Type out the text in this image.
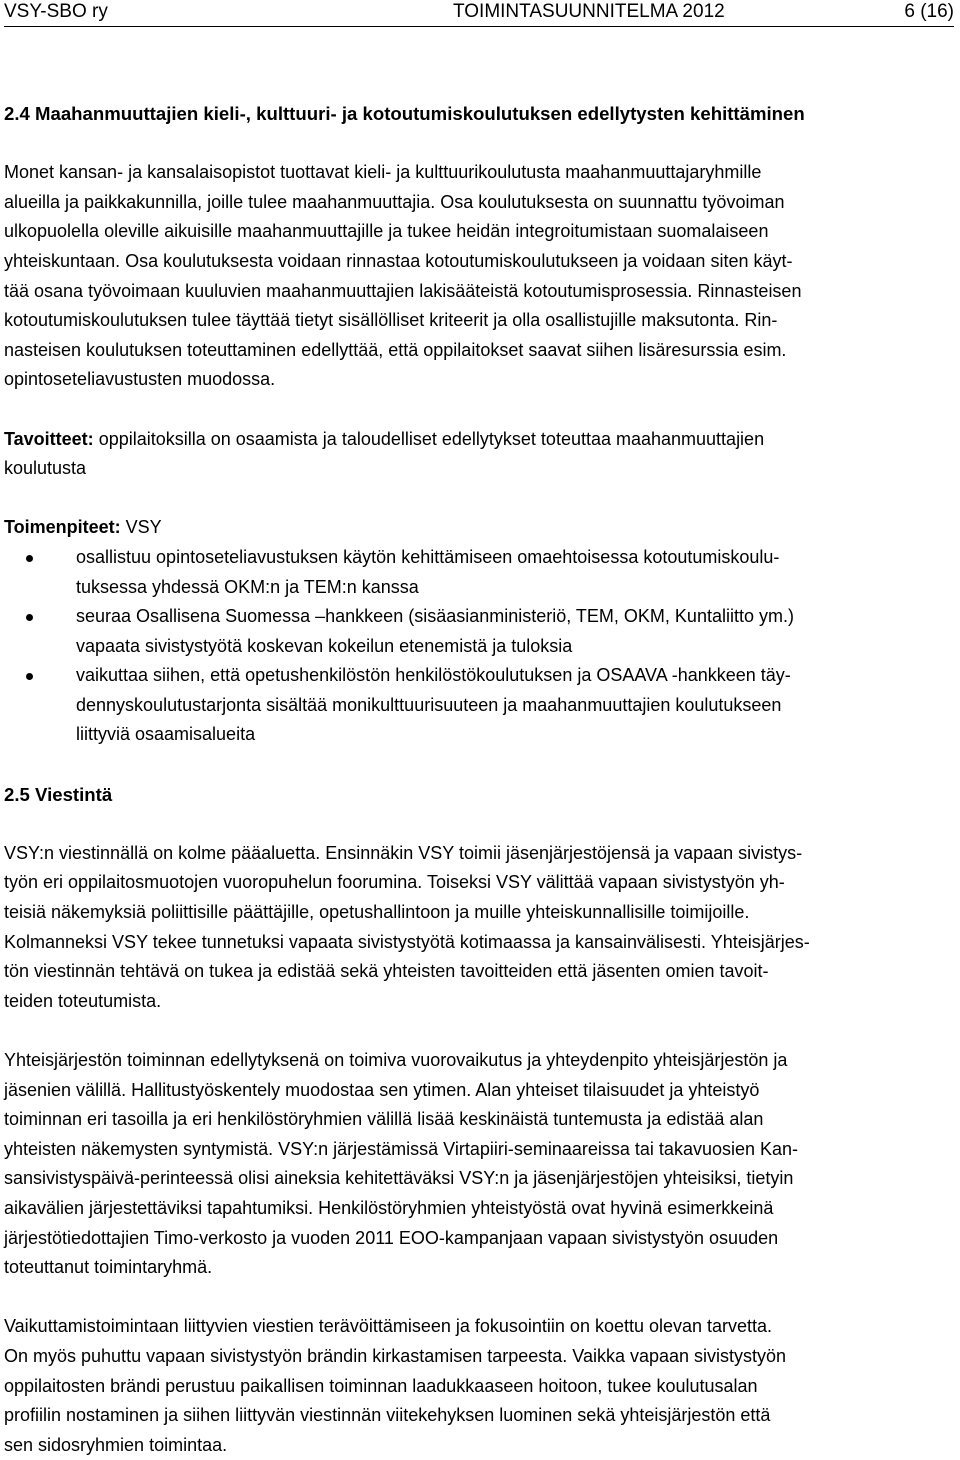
VSY-SBO ry	TOIMINTASUUNNITELMA 2012	6 (16)

2.4 Maahanmuuttajien kieli-, kulttuuri- ja kotoutumiskoulutuksen edellytysten kehittäminen

Monet kansan- ja kansalaisopistot tuottavat kieli- ja kulttuurikoulutusta maahanmuuttajaryhmille
alueilla ja paikkakunnilla, joille tulee maahanmuuttajia. Osa koulutuksesta on suunnattu työvoiman
ulkopuolella oleville aikuisille maahanmuuttajille ja tukee heidän integroitumistaan suomalaiseen
yhteiskuntaan. Osa koulutuksesta voidaan rinnastaa kotoutumiskoulutukseen ja voidaan siten käyt-
tää osana työvoimaan kuuluvien maahanmuuttajien lakisääteistä kotoutumisprosessia. Rinnasteisen
kotoutumiskoulutuksen tulee täyttää tietyt sisällölliset kriteerit ja olla osallistujille maksutonta. Rin-
nasteisen koulutuksen toteuttaminen edellyttää, että oppilaitokset saavat siihen lisäresurssia esim.
opintoseteliavustusten muodossa.

Tavoitteet: oppilaitoksilla on osaamista ja taloudelliset edellytykset toteuttaa maahanmuuttajien
koulutusta

Toimenpiteet: VSY

osallistuu opintoseteliavustuksen käytön kehittämiseen omaehtoisessa kotoutumiskoulu-
tuksessa yhdessä OKM:n ja TEM:n kanssa
seuraa Osallisena Suomessa –hankkeen (sisäasianministeriö, TEM, OKM, Kuntaliitto ym.)
vapaata sivistystyötä koskevan kokeilun etenemistä ja tuloksia
vaikuttaa siihen, että opetushenkilöstön henkilöstökoulutuksen ja OSAAVA -hankkeen täy-
dennyskoulutustarjonta sisältää monikulttuurisuuteen ja maahanmuuttajien koulutukseen
liittyviä osaamisalueita

2.5 Viestintä

VSY:n viestinnällä on kolme pääaluetta. Ensinnäkin VSY toimii jäsenjärjestöjensä ja vapaan sivistys-
työn eri oppilaitosmuotojen vuoropuhelun foorumina. Toiseksi VSY välittää vapaan sivistystyön yh-
teisiä näkemyksiä poliittisille päättäjille, opetushallintoon ja muille yhteiskunnallisille toimijoille.
Kolmanneksi VSY tekee tunnetuksi vapaata sivistystyötä kotimaassa ja kansainvälisesti. Yhteisjärjes-
tön viestinnän tehtävä on tukea ja edistää sekä yhteisten tavoitteiden että jäsenten omien tavoit-
teiden toteutumista.

Yhteisjärjestön toiminnan edellytyksenä on toimiva vuorovaikutus ja yhteydenpito yhteisjärjestön ja
jäsenien välillä. Hallitustyöskentely muodostaa sen ytimen. Alan yhteiset tilaisuudet ja yhteistyö
toiminnan eri tasoilla ja eri henkilöstöryhmien välillä lisää keskinäistä tuntemusta ja edistää alan
yhteisten näkemysten syntymistä. VSY:n järjestämissä Virtapiiri-seminaareissa tai takavuosien Kan-
sansivistyspäivä-perinteessä olisi aineksia kehitettäväksi VSY:n ja jäsenjärjestöjen yhteisiksi, tietyin
aikavälien järjestettäviksi tapahtumiksi. Henkilöstöryhmien yhteistyöstä ovat hyvinä esimerkkeinä
järjestötiedottajien Timo-verkosto ja vuoden 2011 EOO-kampanjaan vapaan sivistystyön osuuden
toteuttanut toimintaryhmä.

Vaikuttamistoimintaan liittyvien viestien terävöittämiseen ja fokusointiin on koettu olevan tarvetta.
On myös puhuttu vapaan sivistystyön brändin kirkastamisen tarpeesta. Vaikka vapaan sivistystyön
oppilaitosten brändi perustuu paikallisen toiminnan laadukkaaseen hoitoon, tukee koulutusalan
profiilin nostaminen ja siihen liittyvän viestinnän viitekehyksen luominen sekä yhteisjärjestön että
sen sidosryhmien toimintaa.
